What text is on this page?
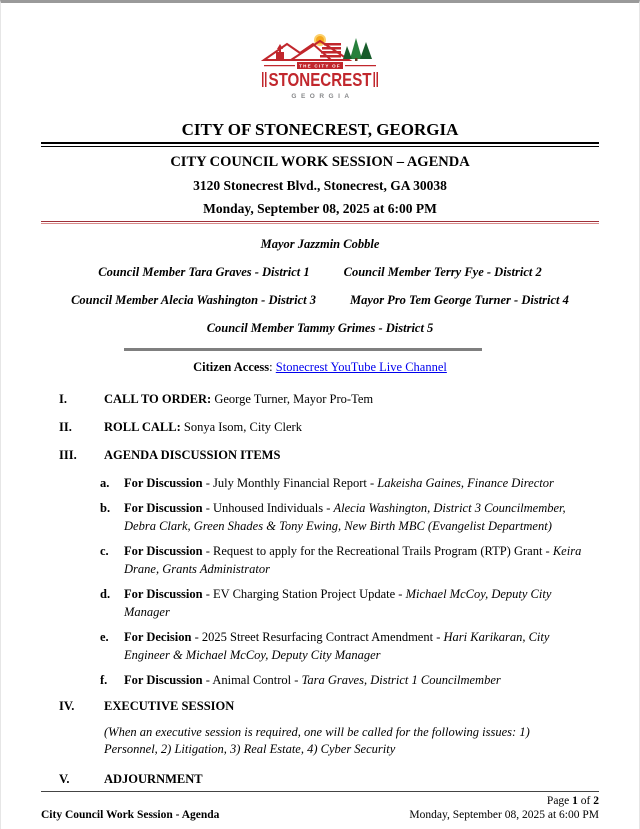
THE CITY OF
STONECREST
GEORGIA
CITY OF STONECREST, GEORGIA
CITY COUNCIL WORK SESSION – AGENDA
3120 Stonecrest Blvd., Stonecrest, GA 30038
Monday, September 08, 2025 at 6:00 PM
Mayor Jazzmin Cobble
Council Member Tara Graves - District 1	Council Member Terry Fye - District 2
Council Member Alecia Washington - District 3	Mayor Pro Tem George Turner - District 4
Council Member Tammy Grimes - District 5
Citizen Access: Stonecrest YouTube Live Channel
I.	CALL TO ORDER: George Turner, Mayor Pro-Tem
II.	ROLL CALL: Sonya Isom, City Clerk
III.	AGENDA DISCUSSION ITEMS
a.	For Discussion - July Monthly Financial Report - Lakeisha Gaines, Finance Director
b.	For Discussion - Unhoused Individuals - Alecia Washington, District 3 Councilmember, Debra Clark, Green Shades & Tony Ewing, New Birth MBC (Evangelist Department)
c.	For Discussion - Request to apply for the Recreational Trails Program (RTP) Grant - Keira Drane, Grants Administrator
d.	For Discussion - EV Charging Station Project Update - Michael McCoy, Deputy City Manager
e.	For Decision - 2025 Street Resurfacing Contract Amendment - Hari Karikaran, City Engineer & Michael McCoy, Deputy City Manager
f.	For Discussion - Animal Control - Tara Graves, District 1 Councilmember
IV.	EXECUTIVE SESSION
(When an executive session is required, one will be called for the following issues: 1) Personnel, 2) Litigation, 3) Real Estate, 4) Cyber Security
V.	ADJOURNMENT
Page 1 of 2
City Council Work Session - Agenda	Monday, September 08, 2025 at 6:00 PM
